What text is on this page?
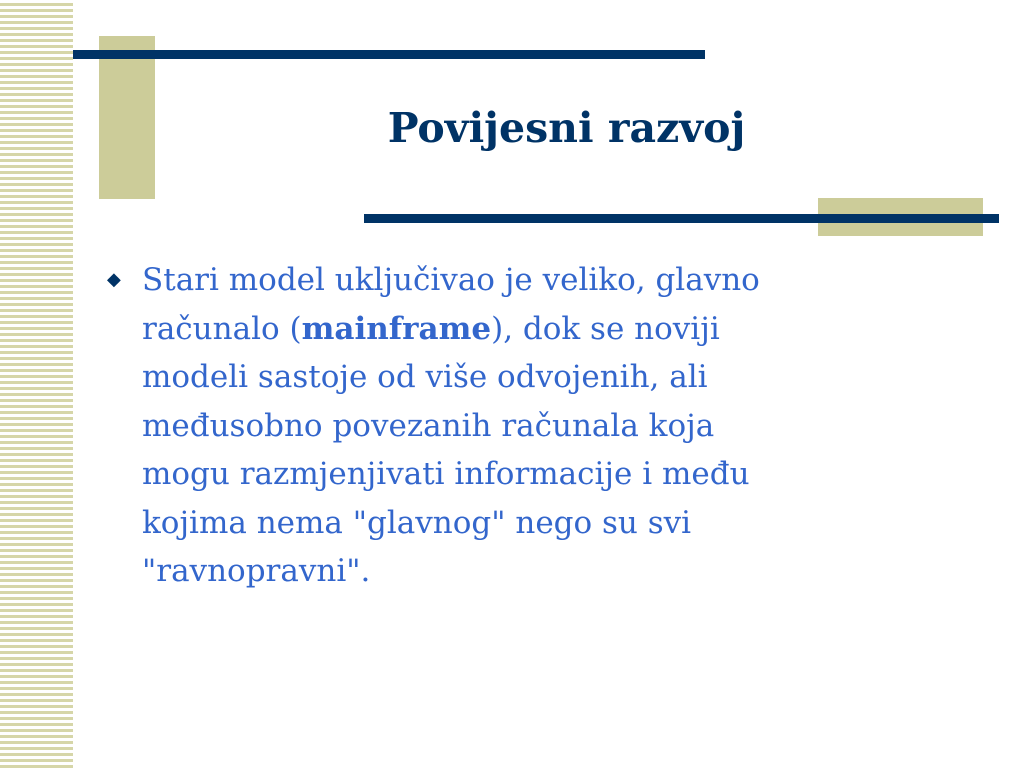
Povijesni razvoj
◆ Stari model uključivao je veliko, glavno
računalo (mainframe), dok se noviji
modeli sastoje od više odvojenih, ali
međusobno povezanih računala koja
mogu razmjenjivati informacije i među
kojima nema "glavnog" nego su svi
"ravnopravni".
